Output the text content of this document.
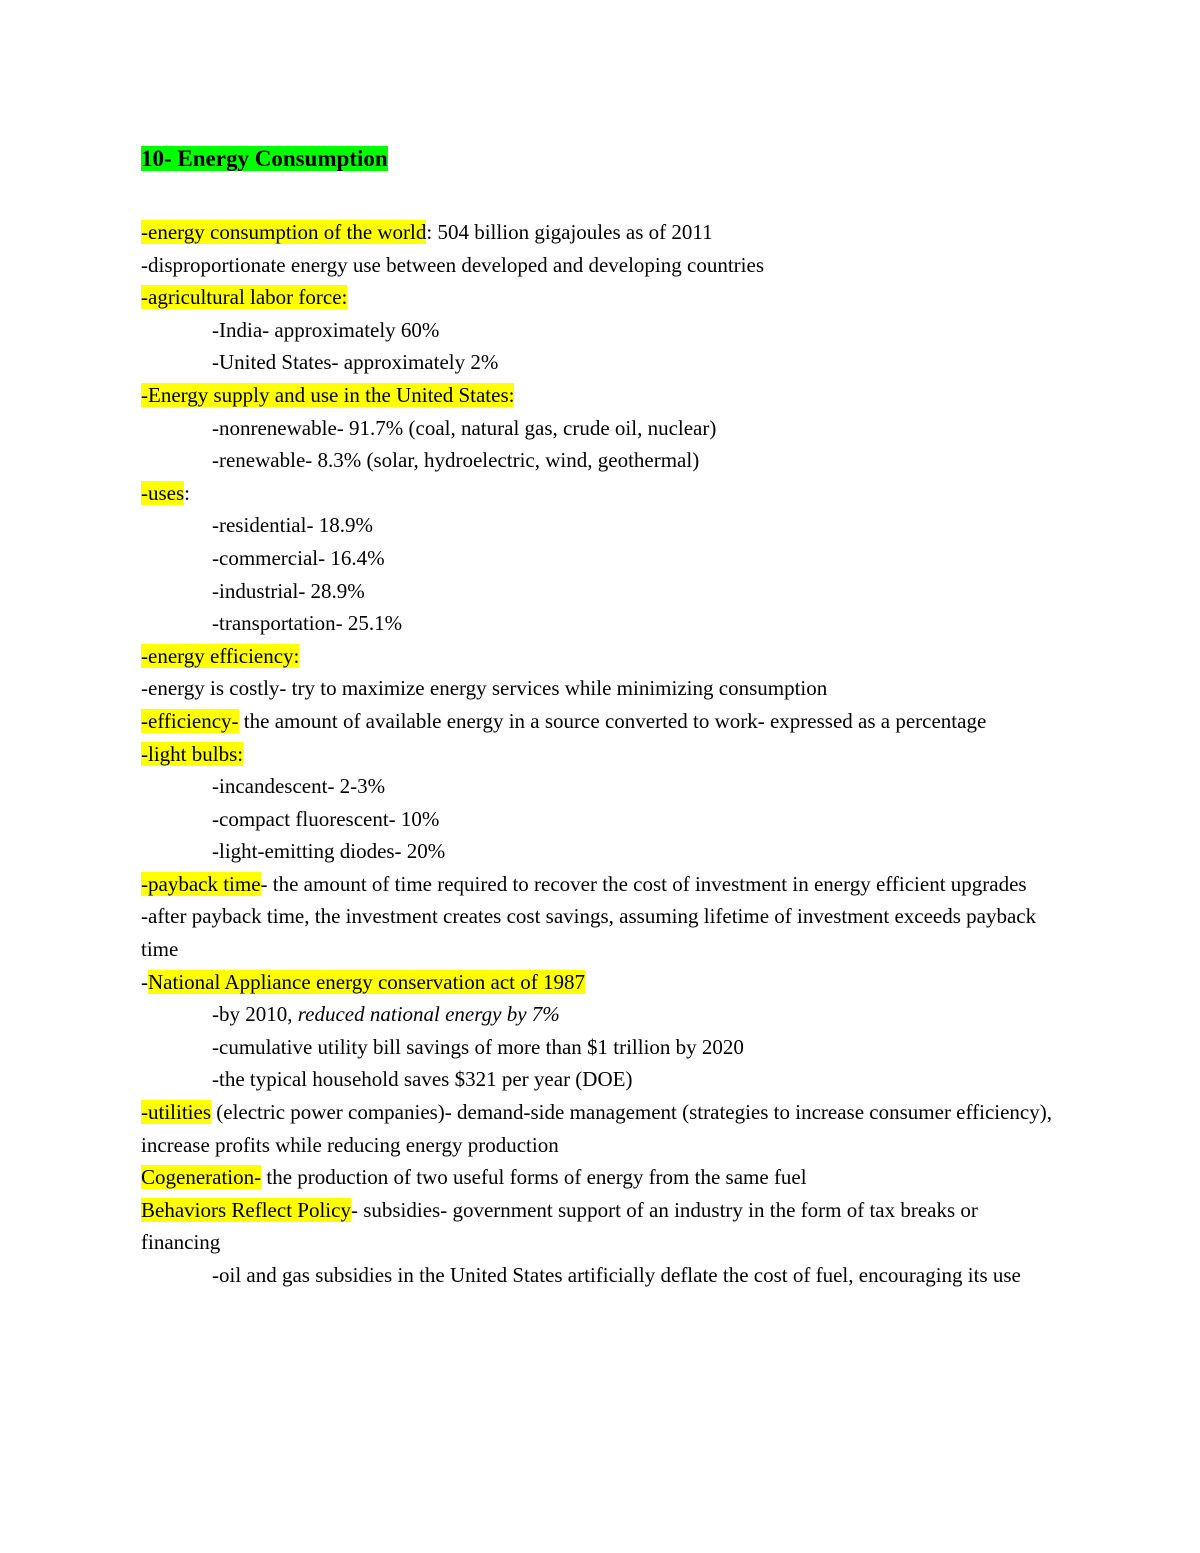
10- Energy Consumption

-energy consumption of the world: 504 billion gigajoules as of 2011

-disproportionate energy use between developed and developing countries

-agricultural labor force:

-India- approximately 60%

-United States- approximately 2%

-Energy supply and use in the United States:

-nonrenewable- 91.7% (coal, natural gas, crude oil, nuclear)

-renewable- 8.3% (solar, hydroelectric, wind, geothermal)

-uses:

-residential- 18.9%

-commercial- 16.4%

-industrial- 28.9%

-transportation- 25.1%

-energy efficiency:

-energy is costly- try to maximize energy services while minimizing consumption

-efficiency- the amount of available energy in a source converted to work- expressed as a percentage

-light bulbs:

-incandescent- 2-3%

-compact fluorescent- 10%

-light-emitting diodes- 20%

-payback time- the amount of time required to recover the cost of investment in energy efficient upgrades

-after payback time, the investment creates cost savings, assuming lifetime of investment exceeds payback time

-National Appliance energy conservation act of 1987

-by 2010, reduced national energy by 7%

-cumulative utility bill savings of more than $1 trillion by 2020

-the typical household saves $321 per year (DOE)

-utilities (electric power companies)- demand-side management (strategies to increase consumer efficiency), increase profits while reducing energy production

Cogeneration- the production of two useful forms of energy from the same fuel

Behaviors Reflect Policy- subsidies- government support of an industry in the form of tax breaks or financing

-oil and gas subsidies in the United States artificially deflate the cost of fuel, encouraging its use
